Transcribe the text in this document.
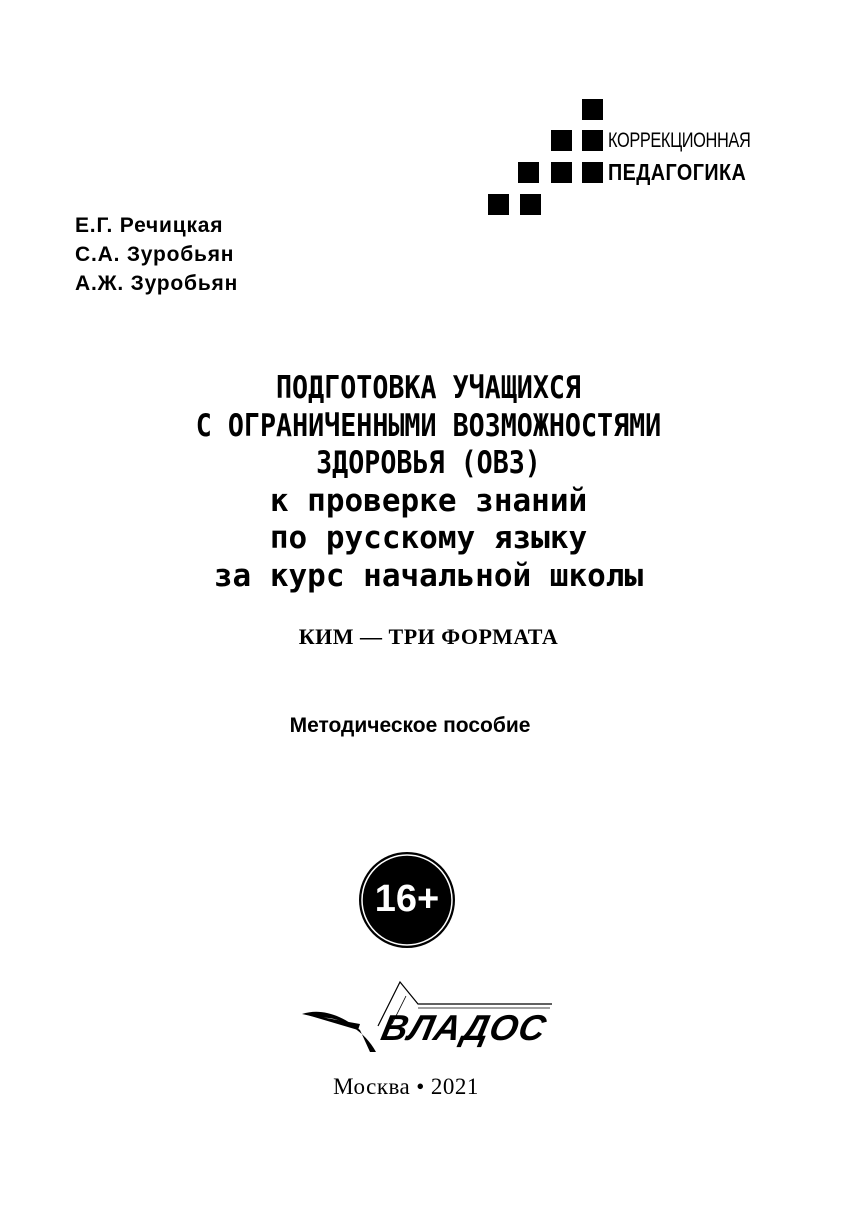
КОРРЕКЦИОННАЯ
ПЕДАГОГИКА
Е.Г. Речицкая
С.А. Зуробьян
А.Ж. Зуробьян
ПОДГОТОВКА УЧАЩИХСЯ
С ОГРАНИЧЕННЫМИ ВОЗМОЖНОСТЯМИ
ЗДОРОВЬЯ (ОВЗ)
к проверке знаний
по русскому языку
за курс начальной школы
КИМ — ТРИ ФОРМАТА
Методическое пособие
16+
ВЛАДОС
Москва • 2021
